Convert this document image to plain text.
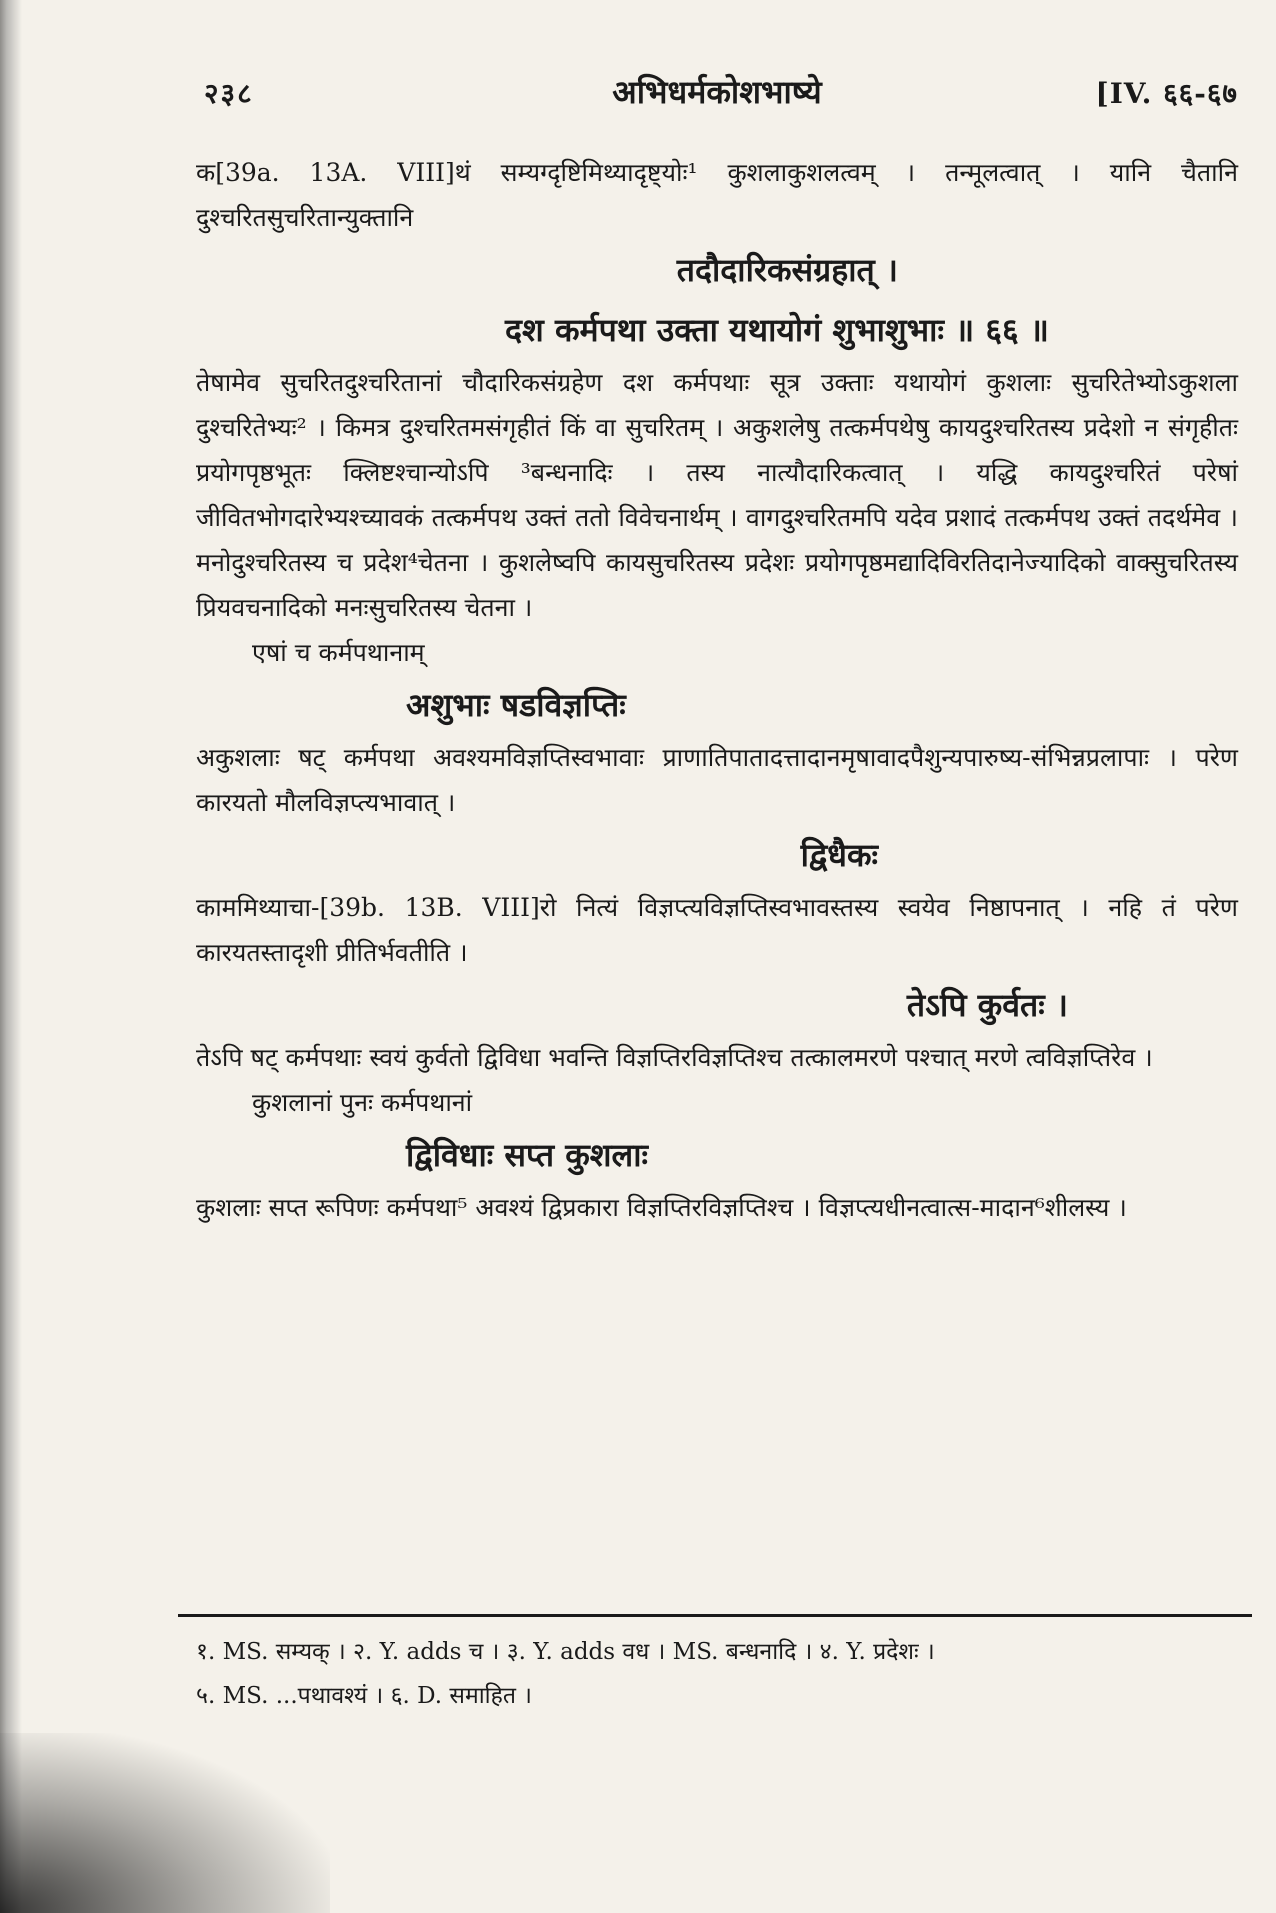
२३८	अभिधर्मकोशभाष्ये	[IV. ६६-६७

क[39a. 13A. VIII]थं सम्यग्दृष्टिमिथ्यादृष्ट्योः¹ कुशलाकुशलत्वम् । तन्मूलत्वात् । यानि चैतानि दुश्चरितसुचरितान्युक्तानि

तदौदारिकसंग्रहात् ।

दश कर्मपथा उक्ता यथायोगं शुभाशुभाः ॥ ६६ ॥

तेषामेव सुचरितदुश्चरितानां चौदारिकसंग्रहेण दश कर्मपथाः सूत्र उक्ताः यथायोगं कुशलाः सुचरितेभ्योऽकुशला दुश्चरितेभ्यः² । किमत्र दुश्चरितमसंगृहीतं किं वा सुचरितम् । अकुशलेषु तत्कर्मपथेषु कायदुश्चरितस्य प्रदेशो न संगृहीतः प्रयोगपृष्ठभूतः क्लिष्टश्चान्योऽपि ³बन्धनादिः । तस्य नात्यौदारिकत्वात् । यद्धि कायदुश्चरितं परेषां जीवितभोगदारेभ्यश्च्यावकं तत्कर्मपथ उक्तं ततो विवेचनार्थम् । वागदुश्चरितमपि यदेव प्रशादं तत्कर्मपथ उक्तं तदर्थमेव । मनोदुश्चरितस्य च प्रदेश⁴चेतना । कुशलेष्वपि कायसुचरितस्य प्रदेशः प्रयोगपृष्ठमद्यादिविरतिदानेज्यादिको वाक्सुचरितस्य प्रियवचनादिको मनःसुचरितस्य चेतना ।

एषां च कर्मपथानाम्

अशुभाः षडविज्ञप्तिः

अकुशलाः षट् कर्मपथा अवश्यमविज्ञप्तिस्वभावाः प्राणातिपातादत्तादानमृषावादपैशुन्यपारुष्य-संभिन्नप्रलापाः । परेण कारयतो मौलविज्ञप्त्यभावात् ।

द्विधैकः

काममिथ्याचा-[39b. 13B. VIII]रो नित्यं विज्ञप्त्यविज्ञप्तिस्वभावस्तस्य स्वयेव निष्ठापनात् । नहि तं परेण कारयतस्तादृशी प्रीतिर्भवतीति ।

तेऽपि कुर्वतः ।

तेऽपि षट् कर्मपथाः स्वयं कुर्वतो द्विविधा भवन्ति विज्ञप्तिरविज्ञप्तिश्च तत्कालमरणे पश्चात् मरणे त्वविज्ञप्तिरेव ।

कुशलानां पुनः कर्मपथानां

द्विविधाः सप्त कुशलाः

कुशलाः सप्त रूपिणः कर्मपथा⁵ अवश्यं द्विप्रकारा विज्ञप्तिरविज्ञप्तिश्च । विज्ञप्त्यधीनत्वात्स-मादान⁶शीलस्य ।

१. MS. सम्यक् । २. Y. adds च । ३. Y. adds वध । MS. बन्धनादि । ४. Y. प्रदेशः ।

५. MS. ...पथावश्यं । ६. D. समाहित ।
